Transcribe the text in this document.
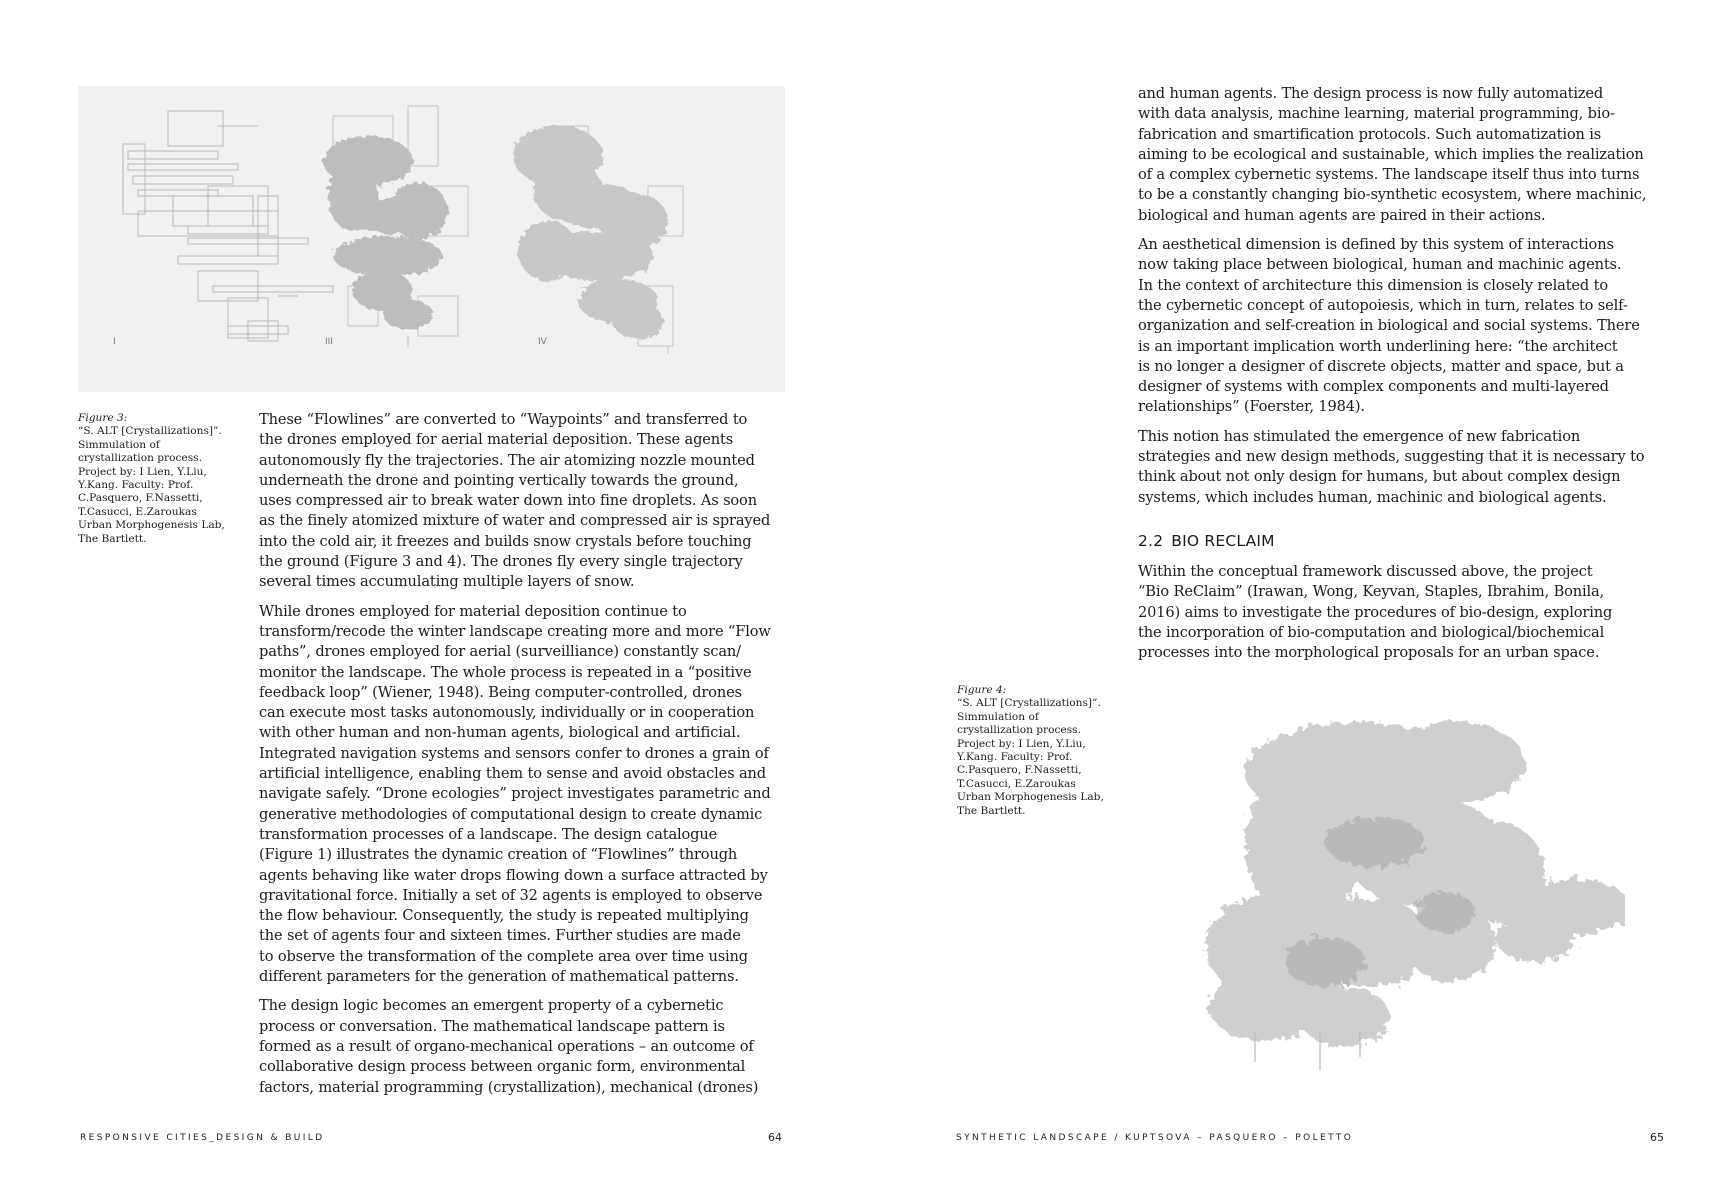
I	III	IV
Figure 3:
“S. ALT [Crystallizations]”.
Simmulation of
crystallization process.
Project by: I Lien, Y.Liu,
Y.Kang. Faculty: Prof.
C.Pasquero, F.Nassetti,
T.Casucci, E.Zaroukas
Urban Morphogenesis Lab,
The Bartlett.

These “Flowlines” are converted to “Waypoints” and transferred to
the drones employed for aerial material deposition. These agents
autonomously fly the trajectories. The air atomizing nozzle mounted
underneath the drone and pointing vertically towards the ground,
uses compressed air to break water down into fine droplets. As soon
as the finely atomized mixture of water and compressed air is sprayed
into the cold air, it freezes and builds snow crystals before touching
the ground (Figure 3 and 4). The drones fly every single trajectory
several times accumulating multiple layers of snow.

While drones employed for material deposition continue to
transform/recode the winter landscape creating more and more “Flow
paths”, drones employed for aerial (surveilliance) constantly scan/
monitor the landscape. The whole process is repeated in a “positive
feedback loop” (Wiener, 1948). Being computer-controlled, drones
can execute most tasks autonomously, individually or in cooperation
with other human and non-human agents, biological and artificial.
Integrated navigation systems and sensors confer to drones a grain of
artificial intelligence, enabling them to sense and avoid obstacles and
navigate safely. “Drone ecologies” project investigates parametric and
generative methodologies of computational design to create dynamic
transformation processes of a landscape. The design catalogue
(Figure 1) illustrates the dynamic creation of “Flowlines” through
agents behaving like water drops flowing down a surface attracted by
gravitational force. Initially a set of 32 agents is employed to observe
the flow behaviour. Consequently, the study is repeated multiplying
the set of agents four and sixteen times. Further studies are made
to observe the transformation of the complete area over time using
different parameters for the generation of mathematical patterns.

The design logic becomes an emergent property of a cybernetic
process or conversation. The mathematical landscape pattern is
formed as a result of organo-mechanical operations – an outcome of
collaborative design process between organic form, environmental
factors, material programming (crystallization), mechanical (drones)

and human agents. The design process is now fully automatized
with data analysis, machine learning, material programming, bio-
fabrication and smartification protocols. Such automatization is
aiming to be ecological and sustainable, which implies the realization
of a complex cybernetic systems. The landscape itself thus into turns
to be a constantly changing bio-synthetic ecosystem, where machinic,
biological and human agents are paired in their actions.

An aesthetical dimension is defined by this system of interactions
now taking place between biological, human and machinic agents.
In the context of architecture this dimension is closely related to
the cybernetic concept of autopoiesis, which in turn, relates to self-
organization and self-creation in biological and social systems. There
is an important implication worth underlining here: “the architect
is no longer a designer of discrete objects, matter and space, but a
designer of systems with complex components and multi-layered
relationships” (Foerster, 1984).

This notion has stimulated the emergence of new fabrication
strategies and new design methods, suggesting that it is necessary to
think about not only design for humans, but about complex design
systems, which includes human, machinic and biological agents.

2.2 BIO RECLAIM

Within the conceptual framework discussed above, the project
“Bio ReClaim” (Irawan, Wong, Keyvan, Staples, Ibrahim, Bonila,
2016) aims to investigate the procedures of bio-design, exploring
the incorporation of bio-computation and biological/biochemical
processes into the morphological proposals for an urban space.

Figure 4:
“S. ALT [Crystallizations]”.
Simmulation of
crystallization process.
Project by: I Lien, Y.Liu,
Y.Kang. Faculty: Prof.
C.Pasquero, F.Nassetti,
T.Casucci, E.Zaroukas
Urban Morphogenesis Lab,
The Bartlett.
RESPONSIVE CITIES_DESIGN & BUILD	64	SYNTHETIC LANDSCAPE / KUPTSOVA – PASQUERO – POLETTO	65
